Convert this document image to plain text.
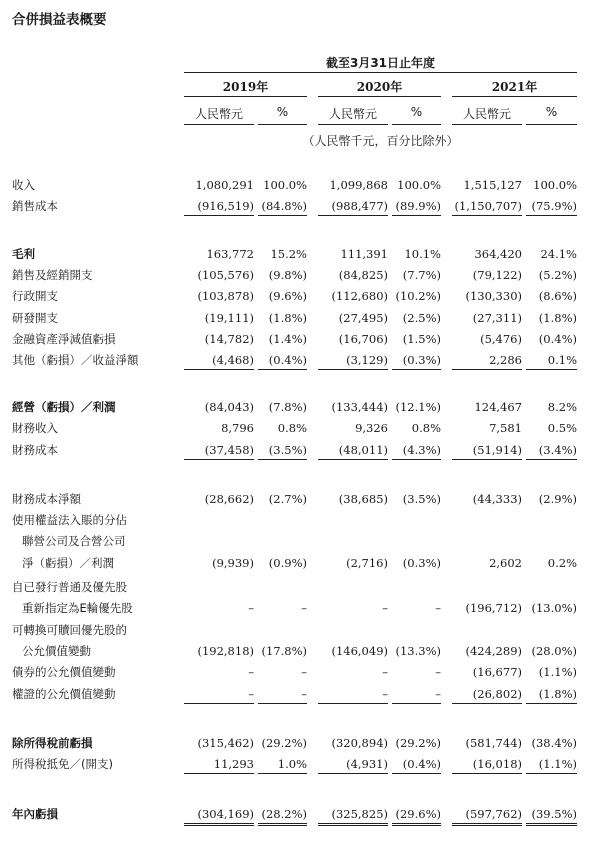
合併損益表概要
截至3月31日止年度
2019年	2020年	2021年
人民幣元	%	人民幣元	%	人民幣元	%
（人民幣千元，百分比除外）
收入	1,080,291 100.0%	1,099,868 100.0%	1,515,127 100.0%
銷售成本	(916,519) (84.8%)	(988,477) (89.9%) (1,150,707) (75.9%)
毛利	163,772	15.2%	111,391	10.1%	364,420	24.1%
銷售及經銷開支	(105,576)	(9.8%)	(84,825)	(7.7%)	(79,122)	(5.2%)
行政開支	(103,878)	(9.6%)	(112,680) (10.2%)	(130,330)	(8.6%)
研發開支	(19,111)	(1.8%)	(27,495)	(2.5%)	(27,311)	(1.8%)
金融資產淨減值虧損	(14,782)	(1.4%)	(16,706)	(1.5%)	(5,476)	(0.4%)
其他（虧損）／收益淨額	(4,468)	(0.4%)	(3,129)	(0.3%)	2,286	0.1%
經營（虧損）／利潤	(84,043)	(7.8%)	(133,444) (12.1%)	124,467	8.2%
財務收入	8,796	0.8%	9,326	0.8%	7,581	0.5%
財務成本	(37,458)	(3.5%)	(48,011)	(4.3%)	(51,914)	(3.4%)
財務成本淨額	(28,662)	(2.7%)	(38,685)	(3.5%)	(44,333)	(2.9%)
使用權益法入賬的分佔
聯營公司及合營公司
淨（虧損）／利潤	(9,939)	(0.9%)	(2,716)	(0.3%)	2,602	0.2%
自已發行普通及優先股
重新指定為E輪優先股	–	–	–	–	(196,712) (13.0%)
可轉換可贖回優先股的
公允價值變動	(192,818) (17.8%)	(146,049) (13.3%)	(424,289) (28.0%)
債券的公允價值變動	–	–	–	–	(16,677)	(1.1%)
權證的公允價值變動	–	–	–	–	(26,802)	(1.8%)
除所得稅前虧損	(315,462) (29.2%)	(320,894) (29.2%)	(581,744) (38.4%)
所得稅抵免／(開支)	11,293	1.0%	(4,931)	(0.4%)	(16,018)	(1.1%)
年內虧損	(304,169) (28.2%)	(325,825) (29.6%)	(597,762) (39.5%)
